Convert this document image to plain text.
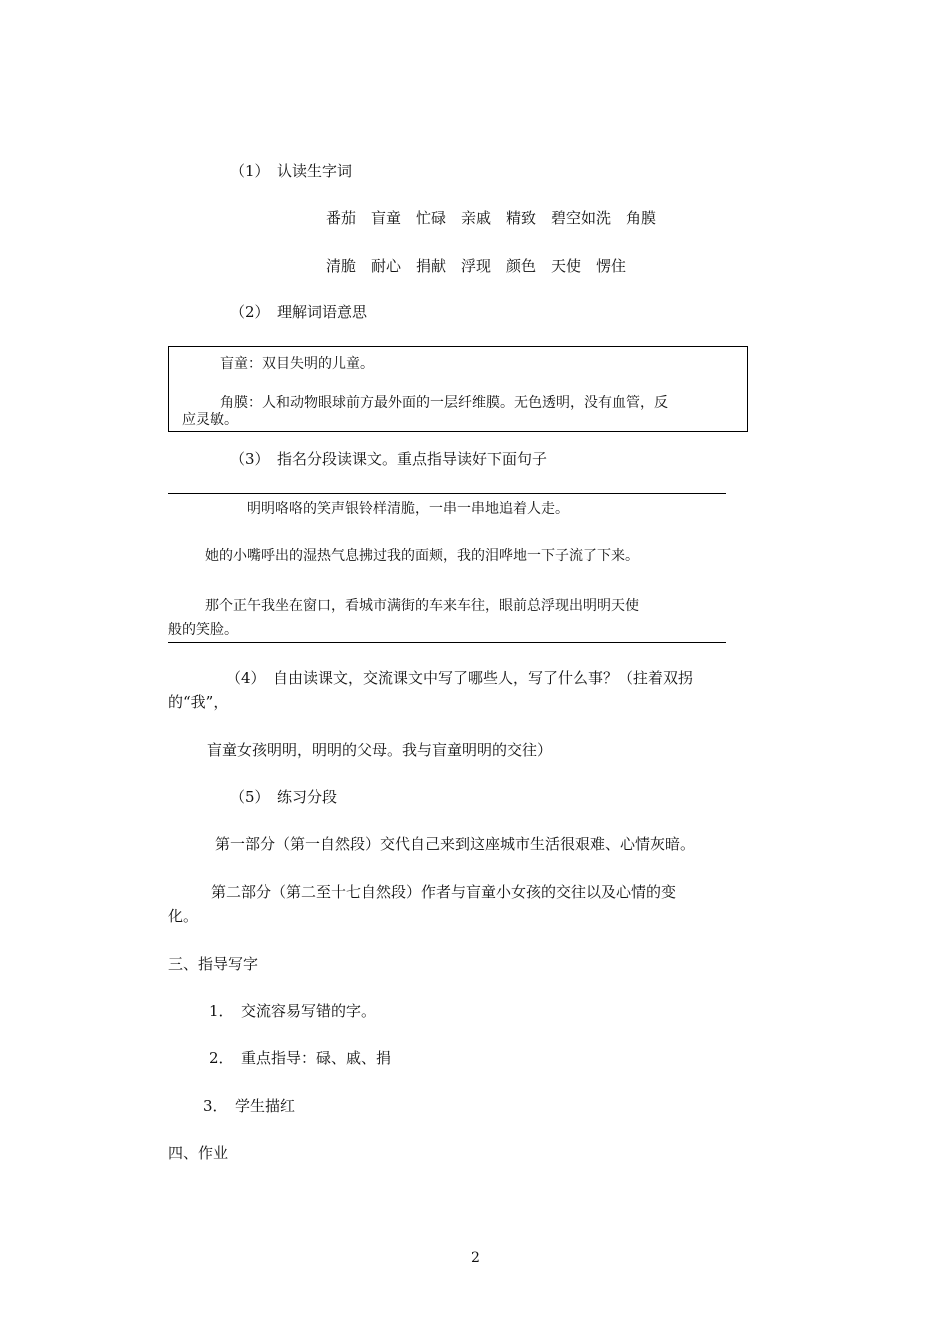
（1）　认读生字词
番茄　盲童　忙碌　亲戚　精致　碧空如洗　角膜
清脆　耐心　捐献　浮现　颜色　天使　愣住
（2）　理解词语意思
盲童：双目失明的儿童。
角膜：人和动物眼球前方最外面的一层纤维膜。无色透明，没有血管，反
应灵敏。
（3）　指名分段读课文。重点指导读好下面句子
明明咯咯的笑声银铃样清脆，一串一串地追着人走。
她的小嘴呼出的湿热气息拂过我的面颊，我的泪哗地一下子流了下来。
那个正午我坐在窗口，看城市满街的车来车往，眼前总浮现出明明天使
般的笑脸。
（4）　自由读课文，交流课文中写了哪些人，写了什么事？（拄着双拐
的“我”，
盲童女孩明明，明明的父母。我与盲童明明的交往）
（5）　练习分段
第一部分（第一自然段）交代自己来到这座城市生活很艰难、心情灰暗。
第二部分（第二至十七自然段）作者与盲童小女孩的交往以及心情的变
化。
三、指导写字
1．　交流容易写错的字。
2．　重点指导：碌、戚、捐
3．　学生描红
四、作业
2
